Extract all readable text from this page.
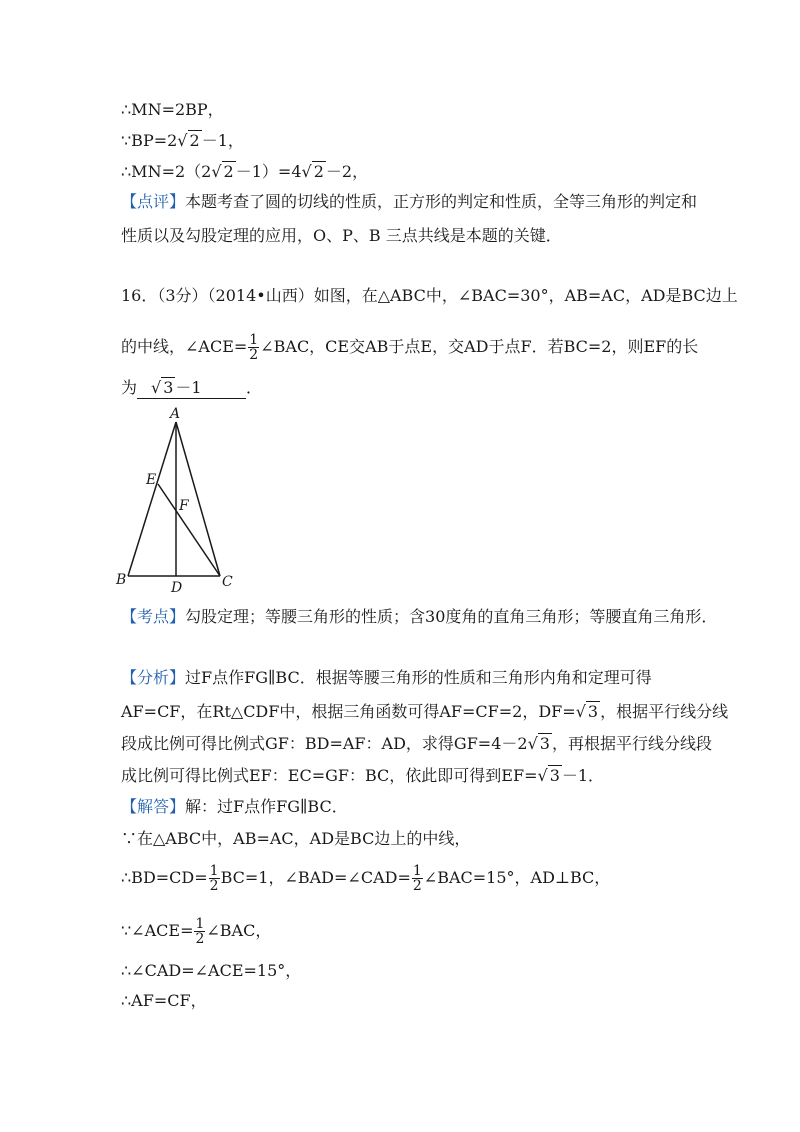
∴MN=2BP，
∵BP=2√ 2 －1，
∴MN=2（2√ 2 －1）=4√ 2 －2，
【点评】本题考查了圆的切线的性质，正方形的判定和性质，全等三角形的判定和
性质以及勾股定理的应用，O、P、B 三点共线是本题的关键．
16．（3分）（2014•山西）如图，在△ABC中，∠BAC=30°，AB=AC，AD是BC边上
的中线，∠ACE= $\frac{1}{2}$ ∠BAC，CE交AB于点E，交AD于点F．若BC=2，则EF的长
为 √ 3 －1	．
A
B	C
D
E
F
【考点】勾股定理；等腰三角形的性质；含30度角的直角三角形；等腰直角三角形．
【分析】过F点作FG∥BC．根据等腰三角形的性质和三角形内角和定理可得
AF=CF，在Rt△CDF中，根据三角函数可得AF=CF=2，DF=√ 3 ，根据平行线分线
段成比例可得比例式GF：BD=AF：AD，求得GF=4－2√ 3 ，再根据平行线分线段
成比例可得比例式EF：EC=GF：BC，依此即可得到EF=√ 3 －1．
【解答】解：过F点作FG∥BC．
∵在△ABC中，AB=AC，AD是BC边上的中线，
∴BD=CD= $\frac{1}{2} BC=1$，∠BAD=∠CAD= $\frac{1}{2}$ ∠BAC=15°，AD⊥BC，
∵∠ACE= $\frac{1}{2}$ ∠BAC，
∴∠CAD=∠ACE=15°，
∴AF=CF，
